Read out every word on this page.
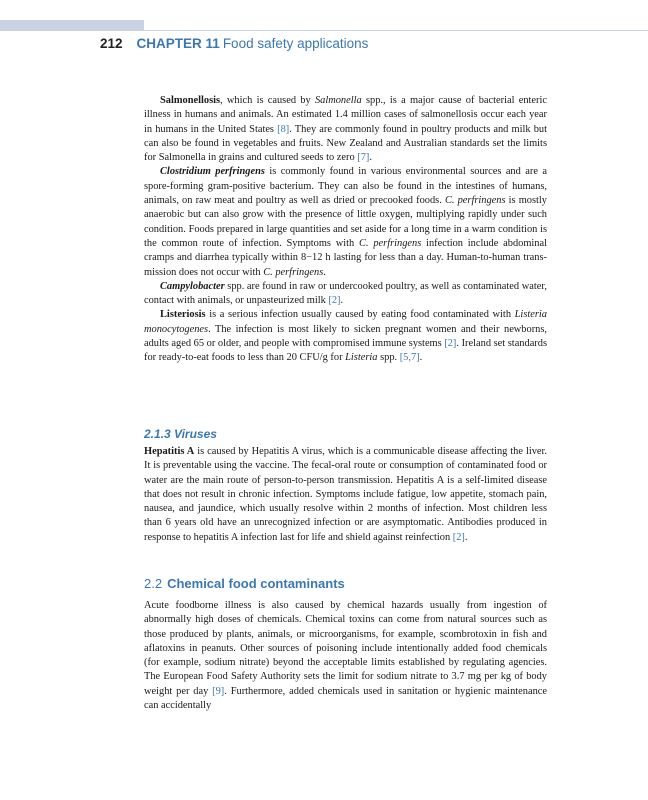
212 CHAPTER 11 Food safety applications

Salmonellosis, which is caused by Salmonella spp., is a major cause of bacterial enteric illness in humans and animals. An estimated 1.4 million cases of salmonellosis occur each year in humans in the United States [8]. They are commonly found in poultry products and milk but can also be found in vegetables and fruits. New Zealand and Australian standards set the limits for Salmonella in grains and cultured seeds to zero [7].

Clostridium perfringens is commonly found in various environmental sources and are a spore-forming gram-positive bacterium. They can also be found in the intestines of humans, animals, on raw meat and poultry as well as dried or precooked foods. C. perfringens is mostly anaerobic but can also grow with the presence of little oxygen, multiplying rapidly under such condition. Foods prepared in large quantities and set aside for a long time in a warm condition is the common route of infection. Symptoms with C. perfringens infection include abdominal cramps and diarrhea typically within 8−12 h lasting for less than a day. Human-to-human transmission does not occur with C. perfringens.

Campylobacter spp. are found in raw or undercooked poultry, as well as contaminated water, contact with animals, or unpasteurized milk [2].

Listeriosis is a serious infection usually caused by eating food contaminated with Listeria monocytogenes. The infection is most likely to sicken pregnant women and their newborns, adults aged 65 or older, and people with compromised immune systems [2]. Ireland set standards for ready-to-eat foods to less than 20 CFU/g for Listeria spp. [5,7].

2.1.3 Viruses

Hepatitis A is caused by Hepatitis A virus, which is a communicable disease affecting the liver. It is preventable using the vaccine. The fecal-oral route or consumption of contaminated food or water are the main route of person-to-person transmission. Hepatitis A is a self-limited disease that does not result in chronic infection. Symptoms include fatigue, low appetite, stomach pain, nausea, and jaundice, which usually resolve within 2 months of infection. Most children less than 6 years old have an unrecognized infection or are asymptomatic. Antibodies produced in response to hepatitis A infection last for life and shield against reinfection [2].

2.2 Chemical food contaminants

Acute foodborne illness is also caused by chemical hazards usually from ingestion of abnormally high doses of chemicals. Chemical toxins can come from natural sources such as those produced by plants, animals, or microorganisms, for example, scombrotoxin in fish and aflatoxins in peanuts. Other sources of poisoning include intentionally added food chemicals (for example, sodium nitrate) beyond the acceptable limits established by regulating agencies. The European Food Safety Authority sets the limit for sodium nitrate to 3.7 mg per kg of body weight per day [9]. Furthermore, added chemicals used in sanitation or hygienic maintenance can accidentally
